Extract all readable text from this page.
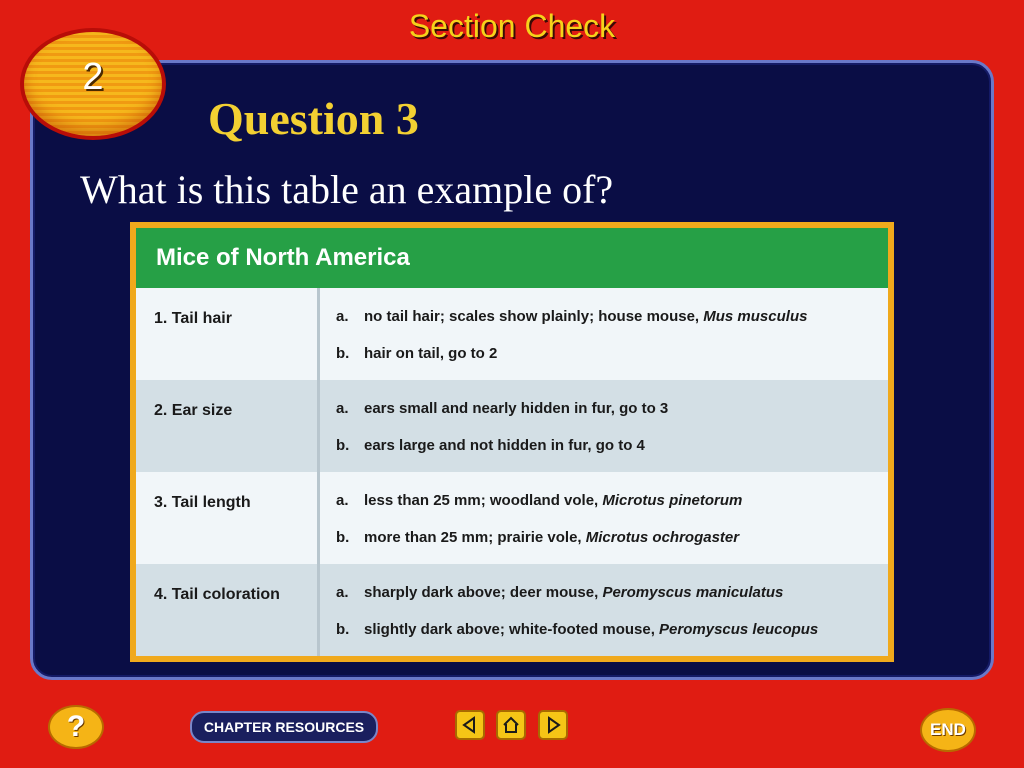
Section Check
2
Question 3
What is this table an example of?
Mice of North America
1. Tail hair	a.	no tail hair; scales show plainly; house mouse, Mus musculus
b. hair on tail, go to 2
2. Ear size	a.	ears small and nearly hidden in fur, go to 3
b. ears large and not hidden in fur, go to 4
3. Tail length	a.	less than 25 mm; woodland vole, Microtus pinetorum
b. more than 25 mm; prairie vole, Microtus ochrogaster
4. Tail coloration	a.	sharply dark above; deer mouse, Peromyscus maniculatus
b. slightly dark above; white-footed mouse, Peromyscus leucopus
?	CHAPTER RESOURCES	END
